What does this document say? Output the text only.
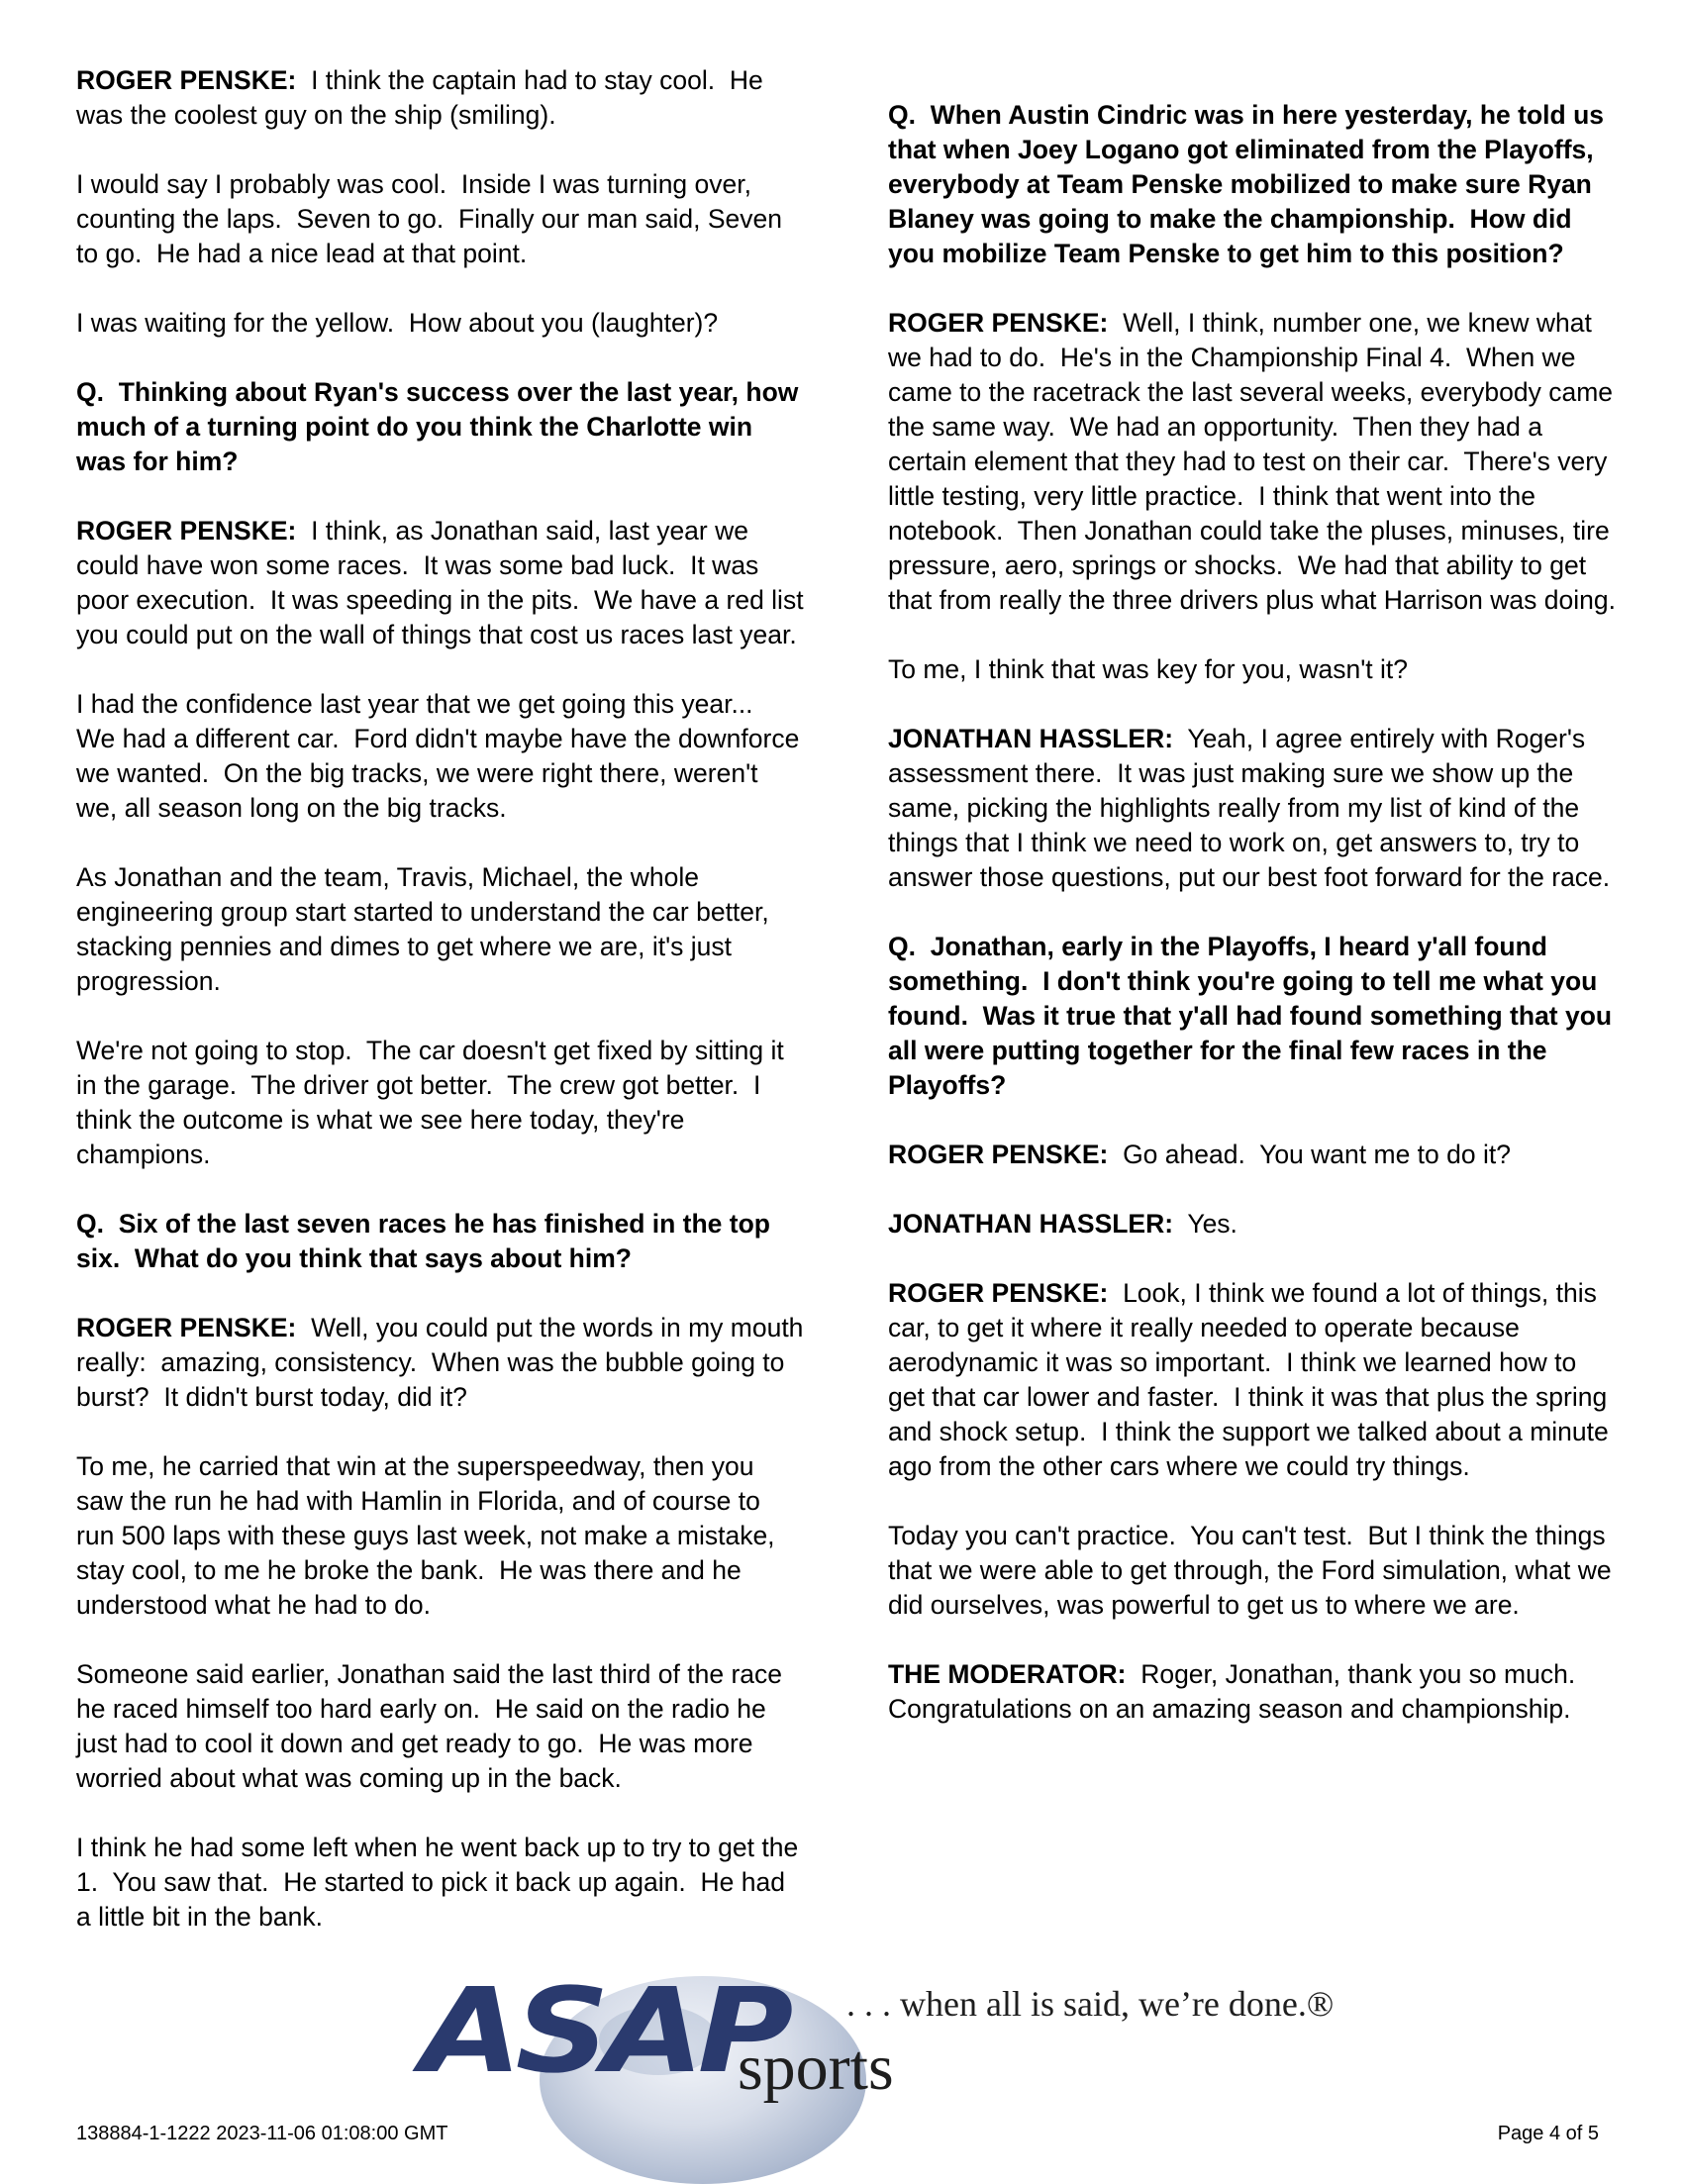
ROGER PENSKE:  I think the captain had to stay cool.  He was the coolest guy on the ship (smiling).

I would say I probably was cool.  Inside I was turning over, counting the laps.  Seven to go.  Finally our man said, Seven to go.  He had a nice lead at that point.

I was waiting for the yellow.  How about you (laughter)?

Q.  Thinking about Ryan's success over the last year, how much of a turning point do you think the Charlotte win was for him?

ROGER PENSKE:  I think, as Jonathan said, last year we could have won some races.  It was some bad luck.  It was poor execution.  It was speeding in the pits.  We have a red list you could put on the wall of things that cost us races last year.

I had the confidence last year that we get going this year...  We had a different car.  Ford didn't maybe have the downforce we wanted.  On the big tracks, we were right there, weren't we, all season long on the big tracks.

As Jonathan and the team, Travis, Michael, the whole engineering group start started to understand the car better, stacking pennies and dimes to get where we are, it's just progression.

We're not going to stop.  The car doesn't get fixed by sitting it in the garage.  The driver got better.  The crew got better.  I think the outcome is what we see here today, they're champions.

Q.  Six of the last seven races he has finished in the top six.  What do you think that says about him?

ROGER PENSKE:  Well, you could put the words in my mouth really:  amazing, consistency.  When was the bubble going to burst?  It didn't burst today, did it?

To me, he carried that win at the superspeedway, then you saw the run he had with Hamlin in Florida, and of course to run 500 laps with these guys last week, not make a mistake, stay cool, to me he broke the bank.  He was there and he understood what he had to do.

Someone said earlier, Jonathan said the last third of the race he raced himself too hard early on.  He said on the radio he just had to cool it down and get ready to go.  He was more worried about what was coming up in the back.

I think he had some left when he went back up to try to get the 1.  You saw that.  He started to pick it back up again.  He had a little bit in the bank.

Q.  When Austin Cindric was in here yesterday, he told us that when Joey Logano got eliminated from the Playoffs, everybody at Team Penske mobilized to make sure Ryan Blaney was going to make the championship.  How did you mobilize Team Penske to get him to this position?

ROGER PENSKE:  Well, I think, number one, we knew what we had to do.  He's in the Championship Final 4.  When we came to the racetrack the last several weeks, everybody came the same way.  We had an opportunity.  Then they had a certain element that they had to test on their car.  There's very little testing, very little practice.  I think that went into the notebook.  Then Jonathan could take the pluses, minuses, tire pressure, aero, springs or shocks.  We had that ability to get that from really the three drivers plus what Harrison was doing.

To me, I think that was key for you, wasn't it?

JONATHAN HASSLER:  Yeah, I agree entirely with Roger's assessment there.  It was just making sure we show up the same, picking the highlights really from my list of kind of the things that I think we need to work on, get answers to, try to answer those questions, put our best foot forward for the race.

Q.  Jonathan, early in the Playoffs, I heard y'all found something.  I don't think you're going to tell me what you found.  Was it true that y'all had found something that you all were putting together for the final few races in the Playoffs?

ROGER PENSKE:  Go ahead.  You want me to do it?

JONATHAN HASSLER:  Yes.

ROGER PENSKE:  Look, I think we found a lot of things, this car, to get it where it really needed to operate because aerodynamic it was so important.  I think we learned how to get that car lower and faster.  I think it was that plus the spring and shock setup.  I think the support we talked about a minute ago from the other cars where we could try things.

Today you can't practice.  You can't test.  But I think the things that we were able to get through, the Ford simulation, what we did ourselves, was powerful to get us to where we are.

THE MODERATOR:  Roger, Jonathan, thank you so much.  Congratulations on an amazing season and championship.

ASAP
sports
. . . when all is said, we’re done.®
138884-1-1222 2023-11-06 01:08:00 GMT	Page 4 of 5
